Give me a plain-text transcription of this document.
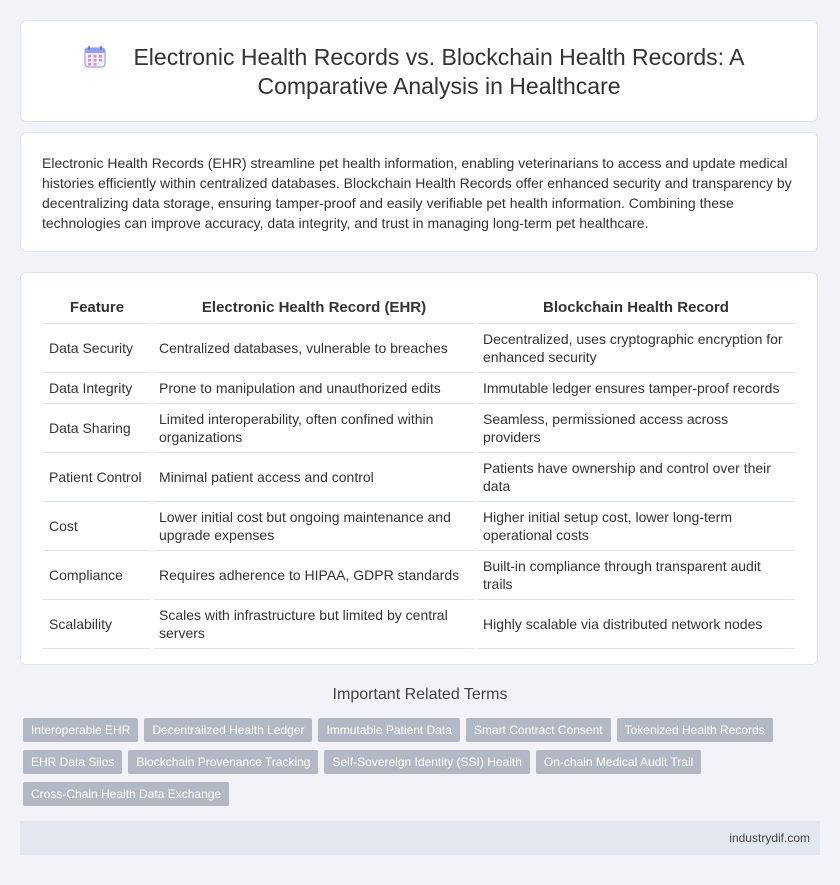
Electronic Health Records vs. Blockchain Health Records: A Comparative Analysis in Healthcare

Electronic Health Records (EHR) streamline pet health information, enabling veterinarians to access and update medical histories efficiently within centralized databases. Blockchain Health Records offer enhanced security and transparency by decentralizing data storage, ensuring tamper-proof and easily verifiable pet health information. Combining these technologies can improve accuracy, data integrity, and trust in managing long-term pet healthcare.

Feature	Electronic Health Record (EHR)	Blockchain Health Record
Data Security	Centralized databases, vulnerable to breaches	Decentralized, uses cryptographic encryption for enhanced security
Data Integrity	Prone to manipulation and unauthorized edits	Immutable ledger ensures tamper-proof records
Data Sharing	Limited interoperability, often confined within organizations	Seamless, permissioned access across providers
Patient Control	Minimal patient access and control	Patients have ownership and control over their data
Cost	Lower initial cost but ongoing maintenance and upgrade expenses	Higher initial setup cost, lower long-term operational costs
Compliance	Requires adherence to HIPAA, GDPR standards	Built-in compliance through transparent audit trails
Scalability	Scales with infrastructure but limited by central servers	Highly scalable via distributed network nodes
Important Related Terms
Interoperable EHR Decentralized Health Ledger Immutable Patient Data Smart Contract Consent Tokenized Health Records
EHR Data Silos Blockchain Provenance Tracking Self-Sovereign Identity (SSI) Health On-chain Medical Audit Trail
Cross-Chain Health Data Exchange
industrydif.com
